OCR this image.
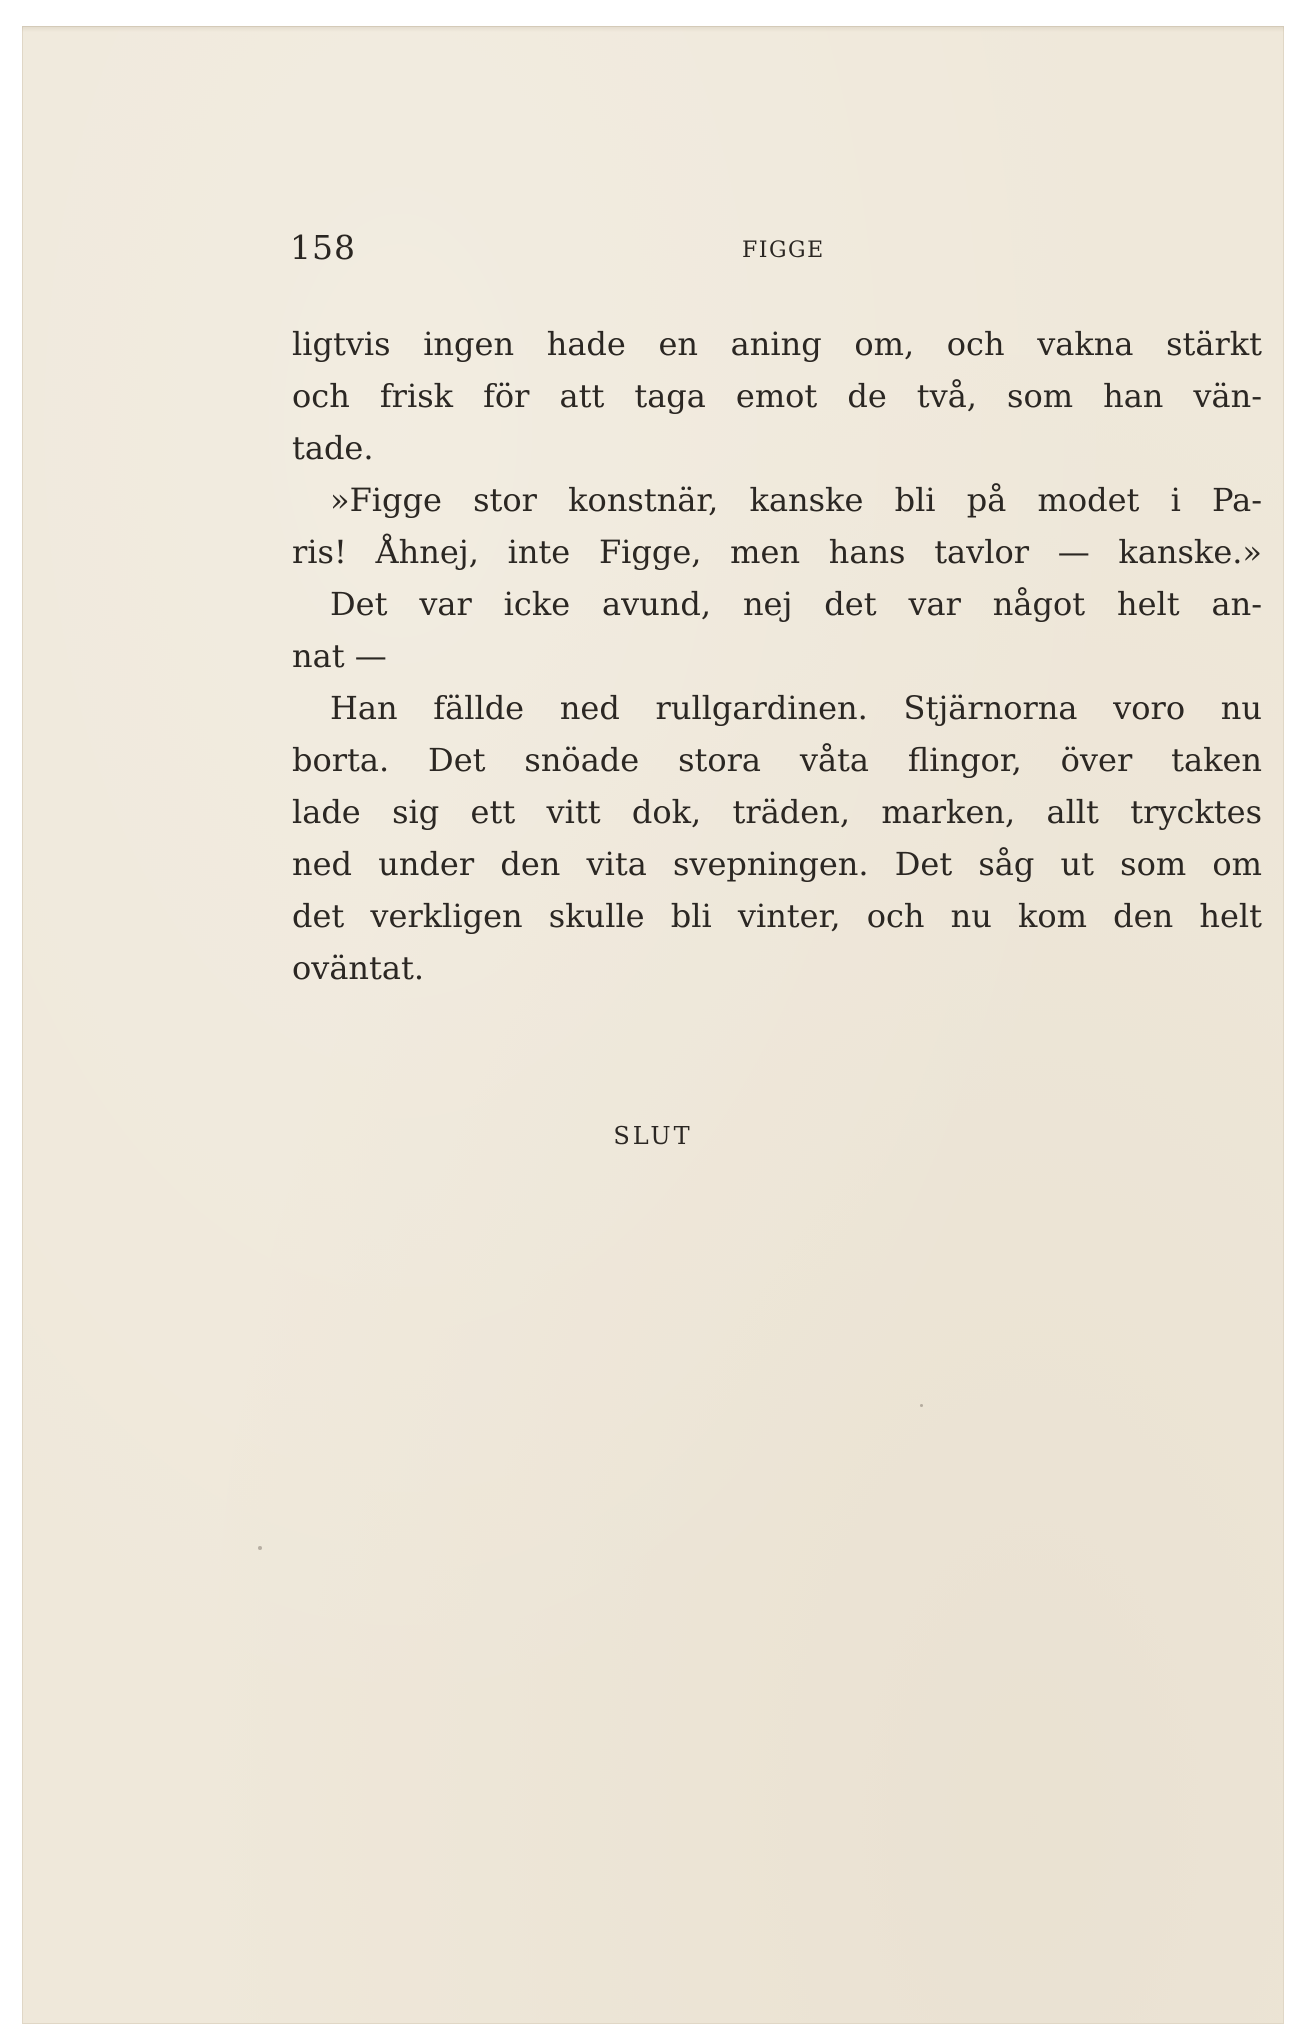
158	FIGGE
ligtvis ingen hade en aning om, och vakna stärkt
och frisk för att taga emot de två, som han vän-
tade.
»Figge stor konstnär, kanske bli på modet i Pa-
ris! Åhnej, inte Figge, men hans tavlor — kanske.»
Det var icke avund, nej det var något helt an-
nat —
Han fällde ned rullgardinen. Stjärnorna voro nu
borta. Det snöade stora våta flingor, över taken
lade sig ett vitt dok, träden, marken, allt trycktes
ned under den vita svepningen. Det såg ut som om
det verkligen skulle bli vinter, och nu kom den helt
oväntat.
SLUT
